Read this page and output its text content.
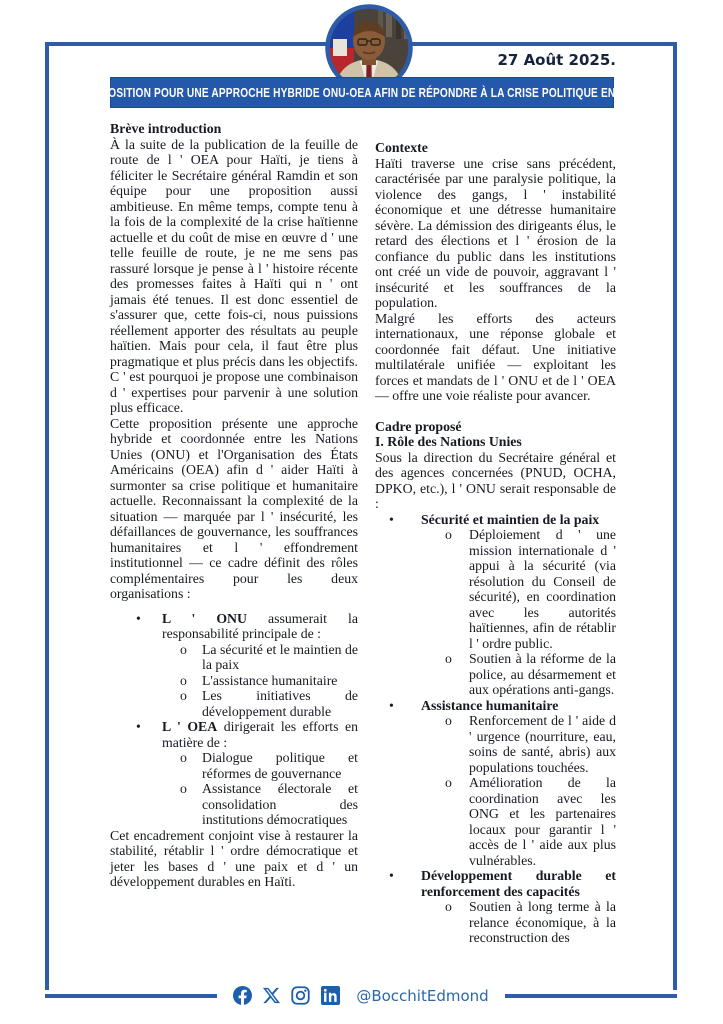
27 Août 2025.
PROPOSITION POUR UNE APPROCHE HYBRIDE ONU-OEA AFIN DE RÉPONDRE À LA CRISE POLITIQUE EN HAÏTI

Brève introduction

À la suite de la publication de la feuille de route de l ' OEA pour Haïti, je tiens à féliciter le Secrétaire général Ramdin et son équipe pour une proposition aussi ambitieuse. En même temps, compte tenu à la fois de la complexité de la crise haïtienne actuelle et du coût de mise en œuvre d ' une telle feuille de route, je ne me sens pas rassuré lorsque je pense à l ' histoire récente des promesses faites à Haïti qui n ' ont jamais été tenues. Il est donc essentiel de s'assurer que, cette fois-ci, nous puissions réellement apporter des résultats au peuple haïtien. Mais pour cela, il faut être plus pragmatique et plus précis dans les objectifs. C ' est pourquoi je propose une combinaison d ' expertises pour parvenir à une solution plus efficace.

Cette proposition présente une approche hybride et coordonnée entre les Nations Unies (ONU) et l'Organisation des États Américains (OEA) afin d ' aider Haïti à surmonter sa crise politique et humanitaire actuelle. Reconnaissant la complexité de la situation — marquée par l ' insécurité, les défaillances de gouvernance, les souffrances humanitaires et l ' effondrement institutionnel — ce cadre définit des rôles complémentaires pour les deux organisations :

• L ' ONU assumerait la responsabilité principale de :
o La sécurité et le maintien de la paix
o L'assistance humanitaire
o Les initiatives de développement durable
• L ' OEA dirigerait les efforts en matière de :
o Dialogue politique et réformes de gouvernance
o Assistance électorale et consolidation des institutions démocratiques

Cet encadrement conjoint vise à restaurer la stabilité, rétablir l ' ordre démocratique et jeter les bases d ' une paix et d ' un développement durables en Haïti.

Contexte

Haïti traverse une crise sans précédent, caractérisée par une paralysie politique, la violence des gangs, l ' instabilité économique et une détresse humanitaire sévère. La démission des dirigeants élus, le retard des élections et l ' érosion de la confiance du public dans les institutions ont créé un vide de pouvoir, aggravant l ' insécurité et les souffrances de la population.

Malgré les efforts des acteurs internationaux, une réponse globale et coordonnée fait défaut. Une initiative multilatérale unifiée — exploitant les forces et mandats de l ' ONU et de l ' OEA — offre une voie réaliste pour avancer.

Cadre proposé

I. Rôle des Nations Unies

Sous la direction du Secrétaire général et des agences concernées (PNUD, OCHA, DPKO, etc.), l ' ONU serait responsable de :

• Sécurité et maintien de la paix
o Déploiement d ' une mission internationale d ' appui à la sécurité (via résolution du Conseil de sécurité), en coordination avec les autorités haïtiennes, afin de rétablir l ' ordre public.
o Soutien à la réforme de la police, au désarmement et aux opérations anti-gangs.
• Assistance humanitaire
o Renforcement de l ' aide d ' urgence (nourriture, eau, soins de santé, abris) aux populations touchées.
o Amélioration de la coordination avec les ONG et les partenaires locaux pour garantir l ' accès de l ' aide aux plus vulnérables.
• Développement durable et renforcement des capacités
o Soutien à long terme à la relance économique, à la reconstruction des
@BocchitEdmond
